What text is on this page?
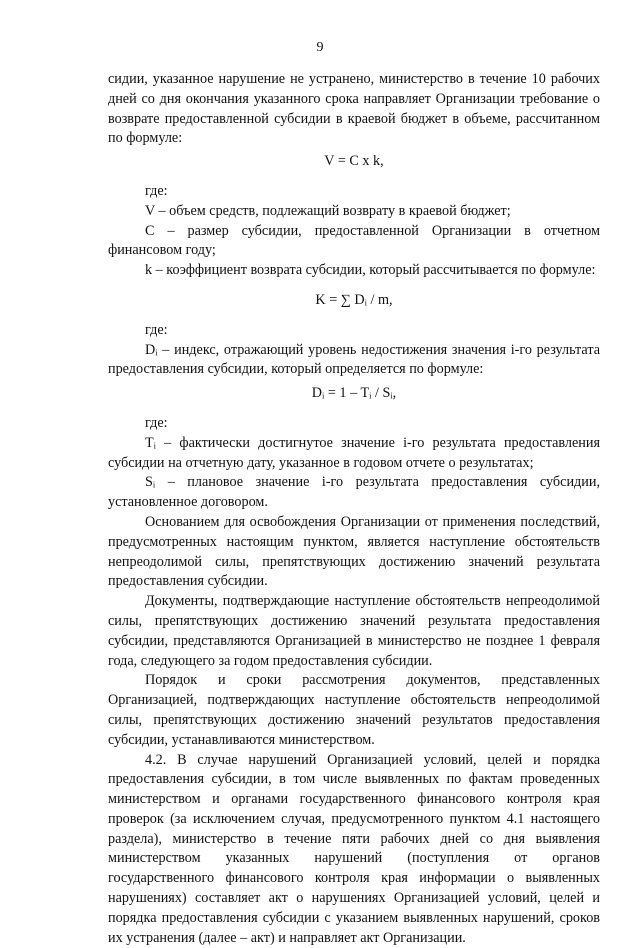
9

сидии, указанное нарушение не устранено, министерство в течение 10 рабочих дней со дня окончания указанного срока направляет Организации требование о возврате предоставленной субсидии в краевой бюджет в объеме, рассчитанном по формуле:

V = C x k,

где:

V – объем средств, подлежащий возврату в краевой бюджет;

C – размер субсидии, предоставленной Организации в отчетном финансовом году;

k – коэффициент возврата субсидии, который рассчитывается по формуле:

K = ∑ Dᵢ / m,

где:

Dᵢ – индекс, отражающий уровень недостижения значения i-го результата предоставления субсидии, который определяется по формуле:

Dᵢ = 1 – Tᵢ / Sᵢ,

где:

Tᵢ – фактически достигнутое значение i-го результата предоставления субсидии на отчетную дату, указанное в годовом отчете о результатах;

Sᵢ – плановое значение i-го результата предоставления субсидии, установленное договором.

Основанием для освобождения Организации от применения последствий, предусмотренных настоящим пунктом, является наступление обстоятельств непреодолимой силы, препятствующих достижению значений результата предоставления субсидии.

Документы, подтверждающие наступление обстоятельств непреодолимой силы, препятствующих достижению значений результата предоставления субсидии, представляются Организацией в министерство не позднее 1 февраля года, следующего за годом предоставления субсидии.

Порядок и сроки рассмотрения документов, представленных Организацией, подтверждающих наступление обстоятельств непреодолимой силы, препятствующих достижению значений результатов предоставления субсидии, устанавливаются министерством.

4.2. В случае нарушений Организацией условий, целей и порядка предоставления субсидии, в том числе выявленных по фактам проведенных министерством и органами государственного финансового контроля края проверок (за исключением случая, предусмотренного пунктом 4.1 настоящего раздела), министерство в течение пяти рабочих дней со дня выявления министерством указанных нарушений (поступления от органов государственного финансового контроля края информации о выявленных нарушениях) составляет акт о нарушениях Организацией условий, целей и порядка предоставления субсидии с указанием выявленных нарушений, сроков их устранения (далее – акт) и направляет акт Организации.
